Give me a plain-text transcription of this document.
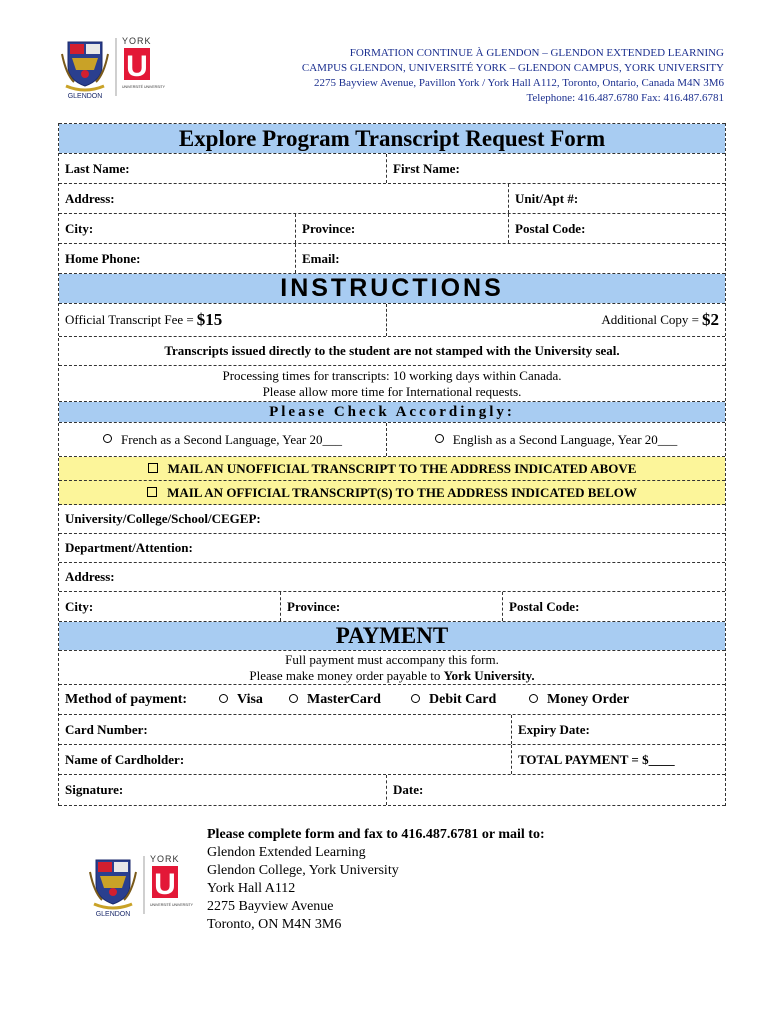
GLENDON
YORK
U
UNIVERSITÉ UNIVERSITY
FORMATION CONTINUE À GLENDON – GLENDON EXTENDED LEARNING
CAMPUS GLENDON, UNIVERSITÉ YORK – GLENDON CAMPUS, YORK UNIVERSITY
2275 Bayview Avenue, Pavillon York / York Hall A112, Toronto, Ontario, Canada M4N 3M6
Telephone: 416.487.6780 Fax: 416.487.6781
Explore Program Transcript Request Form
Last Name:	First Name:
Address:	Unit/Apt #:
City:	Province:	Postal Code:
Home Phone:	Email:
INSTRUCTIONS
Official Transcript Fee = $15	Additional Copy = $2
Transcripts issued directly to the student are not stamped with the University seal.
Processing times for transcripts: 10 working days within Canada.
Please allow more time for International requests.
Please Check Accordingly:
French as a Second Language, Year 20___	English as a Second Language, Year 20___
MAIL AN UNOFFICIAL TRANSCRIPT TO THE ADDRESS INDICATED ABOVE
MAIL AN OFFICIAL TRANSCRIPT(S) TO THE ADDRESS INDICATED BELOW
University/College/School/CEGEP:
Department/Attention:
Address:
City:	Province:	Postal Code:
PAYMENT
Full payment must accompany this form.
Please make money order payable to York University.
Method of payment:	Visa	MasterCard	Debit Card	Money Order
Card Number:	Expiry Date:
Name of Cardholder:	TOTAL PAYMENT = $____
Signature:	Date:
GLENDON
YORK
U
UNIVERSITÉ UNIVERSITY
Please complete form and fax to 416.487.6781 or mail to:
Glendon Extended Learning
Glendon College, York University
York Hall A112
2275 Bayview Avenue
Toronto, ON M4N 3M6
